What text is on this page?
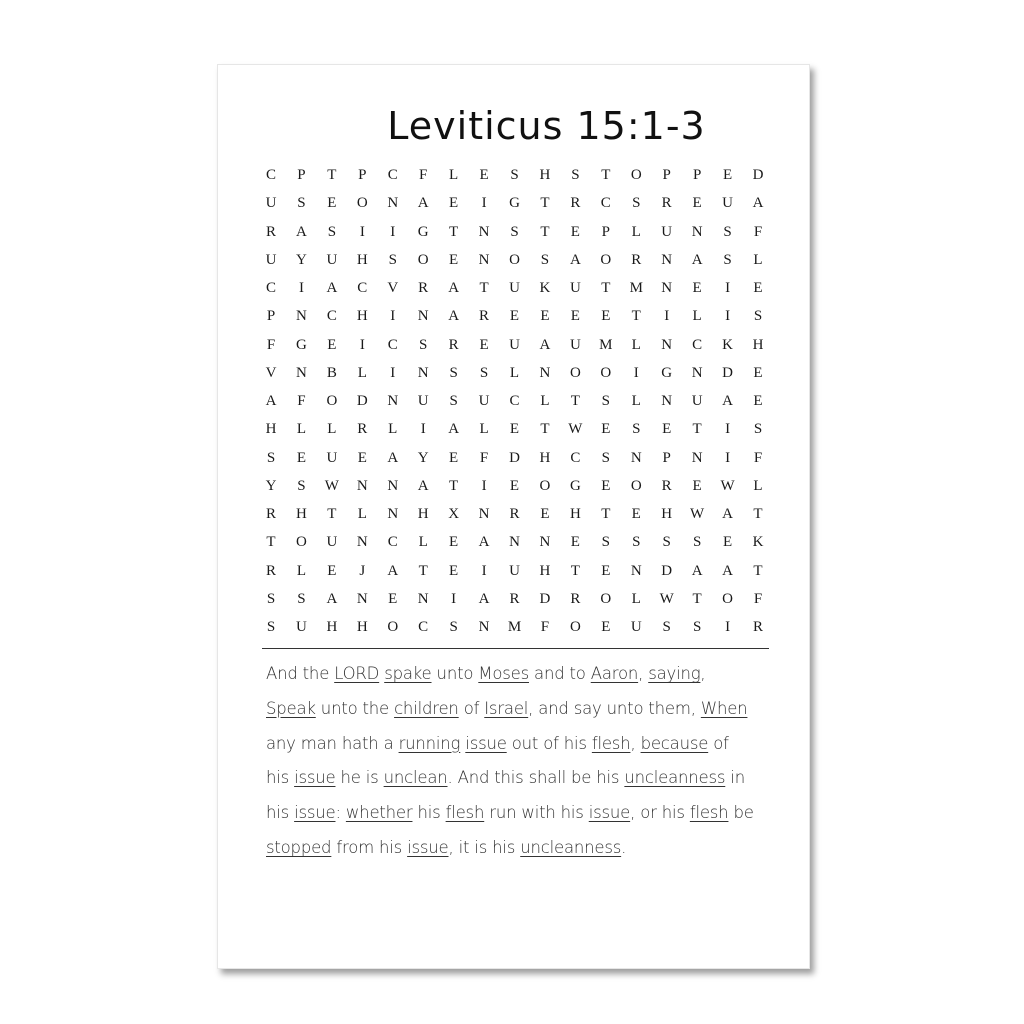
Leviticus 15:1-3
C	P	T	P	C	F	L	E	S	H	S	T	O	P	P	E	D
U	S	E	O	N	A	E	I	G	T	R	C	S	R	E	U	A
R	A	S	I	I	G	T	N	S	T	E	P	L	U	N	S	F
U	Y	U	H	S	O	E	N	O	S	A	O	R	N	A	S	L
C	I	A	C	V	R	A	T	U	K	U	T	M	N	E	I	E
P	N	C	H	I	N	A	R	E	E	E	E	T	I	L	I	S
F	G	E	I	C	S	R	E	U	A	U	M	L	N	C	K	H
V	N	B	L	I	N	S	S	L	N	O	O	I	G	N	D	E
A	F	O	D	N	U	S	U	C	L	T	S	L	N	U	A	E
H	L	L	R	L	I	A	L	E	T	W	E	S	E	T	I	S
S	E	U	E	A	Y	E	F	D	H	C	S	N	P	N	I	F
Y	S	W	N	N	A	T	I	E	O	G	E	O	R	E	W	L
R	H	T	L	N	H	X	N	R	E	H	T	E	H	W	A	T
T	O	U	N	C	L	E	A	N	N	E	S	S	S	S	E	K
R	L	E	J	A	T	E	I	U	H	T	E	N	D	A	A	T
S	S	A	N	E	N	I	A	R	D	R	O	L	W	T	O	F
S	U	H	H	O	C	S	N	M	F	O	E	U	S	S	I	R
And the LORD spake unto Moses and to Aaron, saying,
Speak unto the children of Israel, and say unto them, When
any man hath a running issue out of his flesh, because of
his issue he is unclean. And this shall be his uncleanness in
his issue: whether his flesh run with his issue, or his flesh be
stopped from his issue, it is his uncleanness.
